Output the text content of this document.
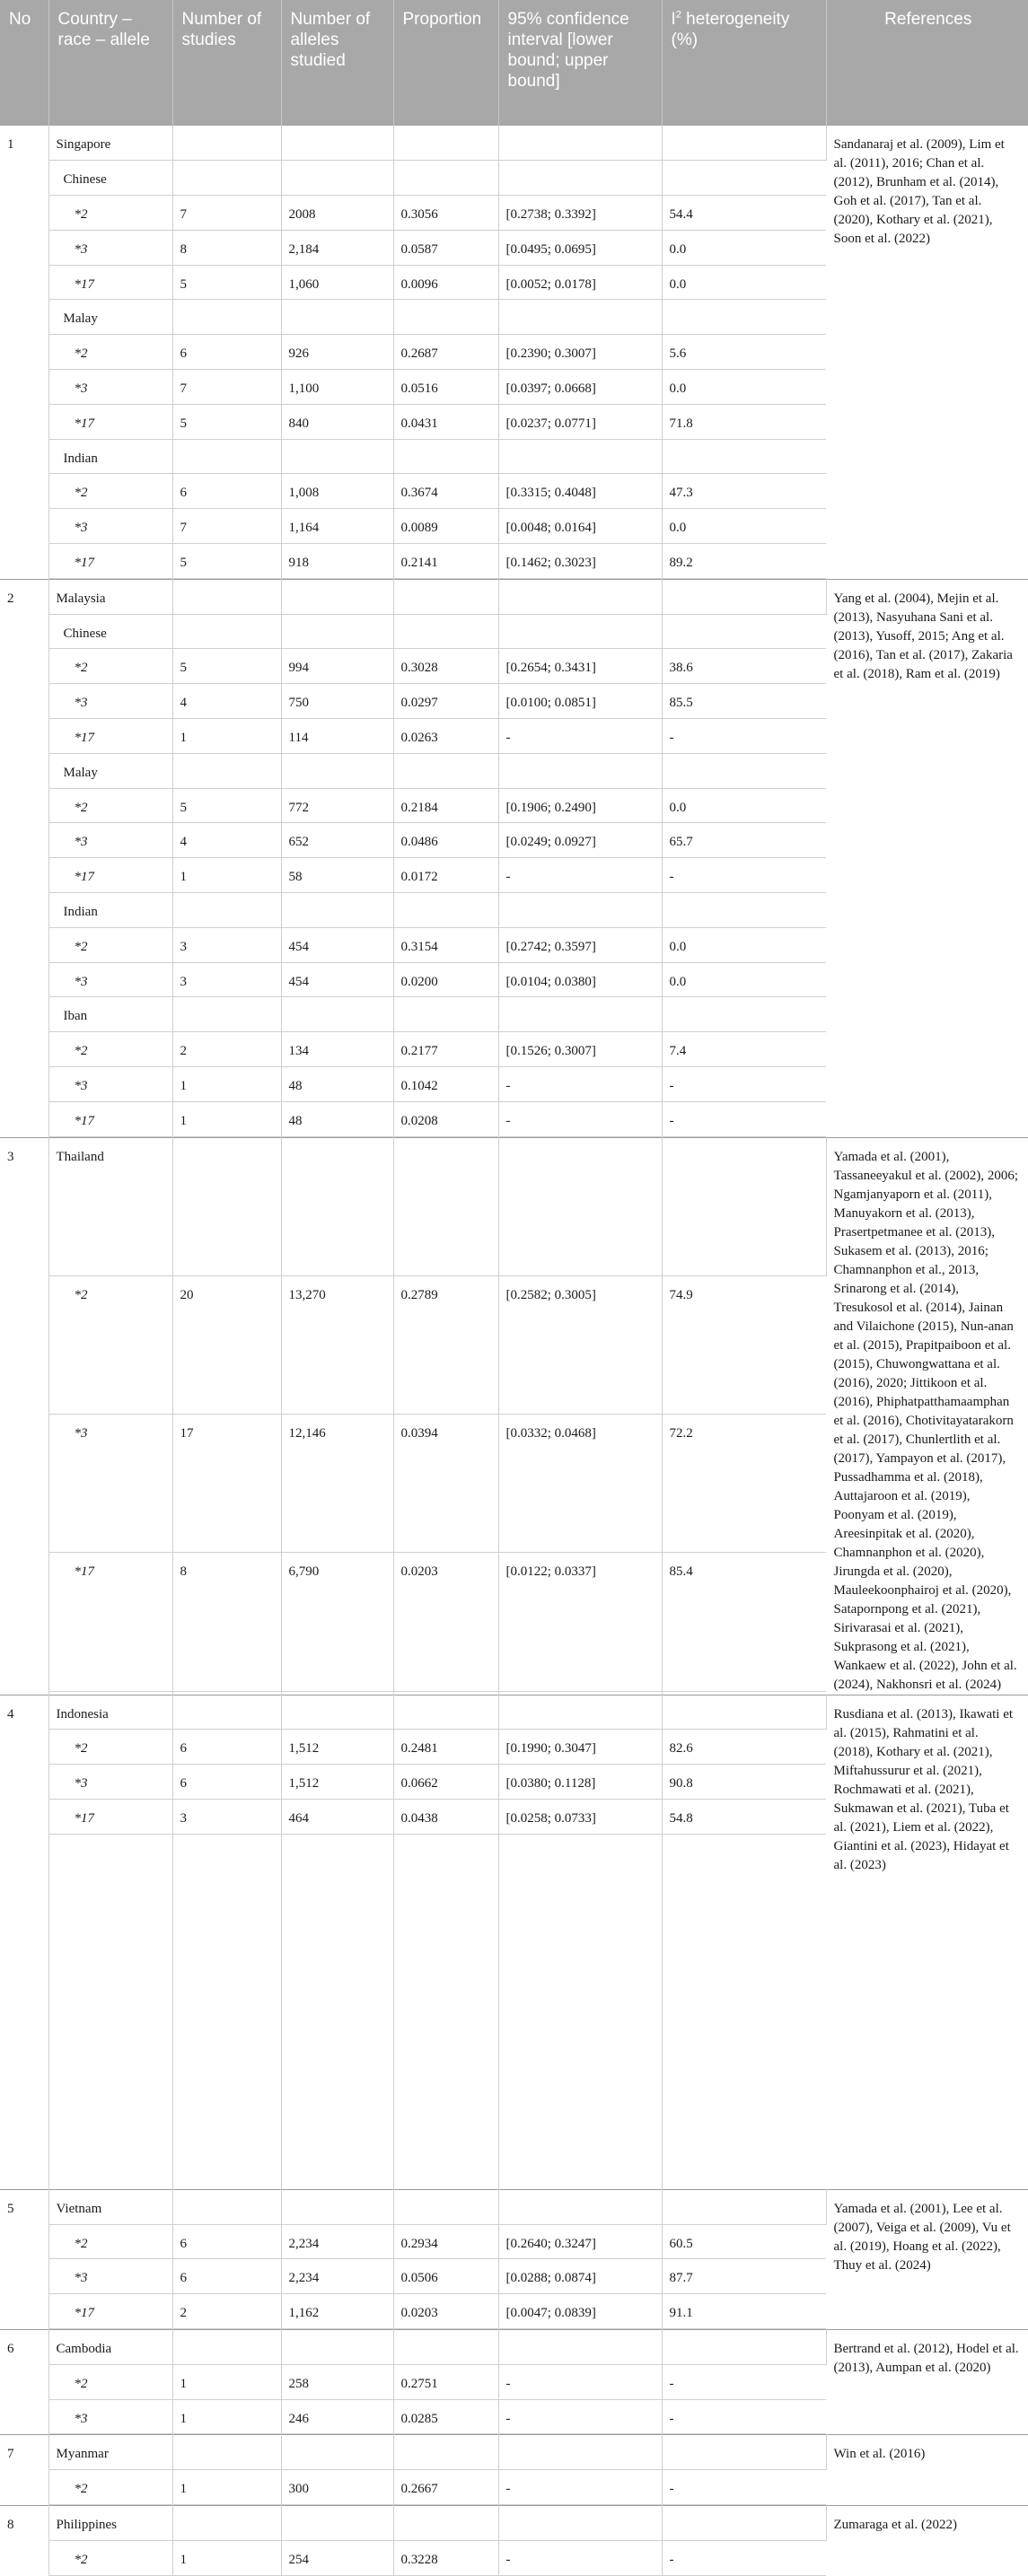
No	Country – race – allele	Number of studies	Number of alleles studied	Proportion	95% confidence interval [lower bound; upper bound]	$I^2$ heterogeneity (%)	References
1	Singapore						Sandanaraj et al. (2009), Lim et al. (2011), 2016; Chan et al. (2012), Brunham et al. (2014), Goh et al. (2017), Tan et al. (2020), Kothary et al. (2021), Soon et al. (2022)
	Chinese						
	*2	7	2008	0.3056	[0.2738; 0.3392]	54.4	
	*3	8	2,184	0.0587	[0.0495; 0.0695]	0.0	
	*17	5	1,060	0.0096	[0.0052; 0.0178]	0.0	
	Malay						
	*2	6	926	0.2687	[0.2390; 0.3007]	5.6	
	*3	7	1,100	0.0516	[0.0397; 0.0668]	0.0	
	*17	5	840	0.0431	[0.0237; 0.0771]	71.8	
	Indian						
	*2	6	1,008	0.3674	[0.3315; 0.4048]	47.3	
	*3	7	1,164	0.0089	[0.0048; 0.0164]	0.0	
	*17	5	918	0.2141	[0.1462; 0.3023]	89.2	

2	Malaysia						Yang et al. (2004), Mejin et al. (2013), Nasyuhana Sani et al. (2013), Yusoff, 2015; Ang et al. (2016), Tan et al. (2017), Zakaria et al. (2018), Ram et al. (2019)
	Chinese						
	*2	5	994	0.3028	[0.2654; 0.3431]	38.6	
	*3	4	750	0.0297	[0.0100; 0.0851]	85.5	
	*17	1	114	0.0263	-	-	
	Malay						
	*2	5	772	0.2184	[0.1906; 0.2490]	0.0	
	*3	4	652	0.0486	[0.0249; 0.0927]	65.7	
	*17	1	58	0.0172	-	-	
	Indian						
	*2	3	454	0.3154	[0.2742; 0.3597]	0.0	
	*3	3	454	0.0200	[0.0104; 0.0380]	0.0	
	Iban						
	*2	2	134	0.2177	[0.1526; 0.3007]	7.4	
	*3	1	48	0.1042	-	-	
	*17	1	48	0.0208	-	-	

3	Thailand						Yamada et al. (2001), Tassaneeyakul et al. (2002), 2006; Ngamjanyaporn et al. (2011), Manuyakorn et al. (2013), Prasertpetmanee et al. (2013), Sukasem et al. (2013), 2016; Chamnanphon et al., 2013, Srinarong et al. (2014), Tresukosol et al. (2014), Jainan and Vilaichone (2015), Nun-anan et al. (2015), Prapitpaiboon et al. (2015), Chuwongwattana et al. (2016), 2020; Jittikoon et al. (2016), Phiphatpatthamaamphan et al. (2016), Chotivitayatarakorn et al. (2017), Chunlertlith et al. (2017), Yampayon et al. (2017), Pussadhamma et al. (2018), Auttajaroon et al. (2019), Poonyam et al. (2019), Areesinpitak et al. (2020), Chamnanphon et al. (2020), Jirungda et al. (2020), Mauleekoonphairoj et al. (2020), Satapornpong et al. (2021), Sirivarasai et al. (2021), Sukprasong et al. (2021), Wankaew et al. (2022), John et al. (2024), Nakhonsri et al. (2024)
	*2	20	13,270	0.2789	[0.2582; 0.3005]	74.9	
	*3	17	12,146	0.0394	[0.0332; 0.0468]	72.2	
	*17	8	6,790	0.0203	[0.0122; 0.0337]	85.4	

4	Indonesia						Rusdiana et al. (2013), Ikawati et al. (2015), Rahmatini et al. (2018), Kothary et al. (2021), Miftahussurur et al. (2021), Rochmawati et al. (2021), Sukmawan et al. (2021), Tuba et al. (2021), Liem et al. (2022), Giantini et al. (2023), Hidayat et al. (2023)
	*2	6	1,512	0.2481	[0.1990; 0.3047]	82.6	
	*3	6	1,512	0.0662	[0.0380; 0.1128]	90.8	
	*17	3	464	0.0438	[0.0258; 0.0733]	54.8	

5	Vietnam						Yamada et al. (2001), Lee et al. (2007), Veiga et al. (2009), Vu et al. (2019), Hoang et al. (2022), Thuy et al. (2024)
	*2	6	2,234	0.2934	[0.2640; 0.3247]	60.5	
	*3	6	2,234	0.0506	[0.0288; 0.0874]	87.7	
	*17	2	1,162	0.0203	[0.0047; 0.0839]	91.1	

6	Cambodia						Bertrand et al. (2012), Hodel et al. (2013), Aumpan et al. (2020)
	*2	1	258	0.2751	-	-	
	*3	1	246	0.0285	-	-	

7	Myanmar						Win et al. (2016)
	*2	1	300	0.2667	-	-	

8	Philippines						Zumaraga et al. (2022)
	*2	1	254	0.3228	-	-	
